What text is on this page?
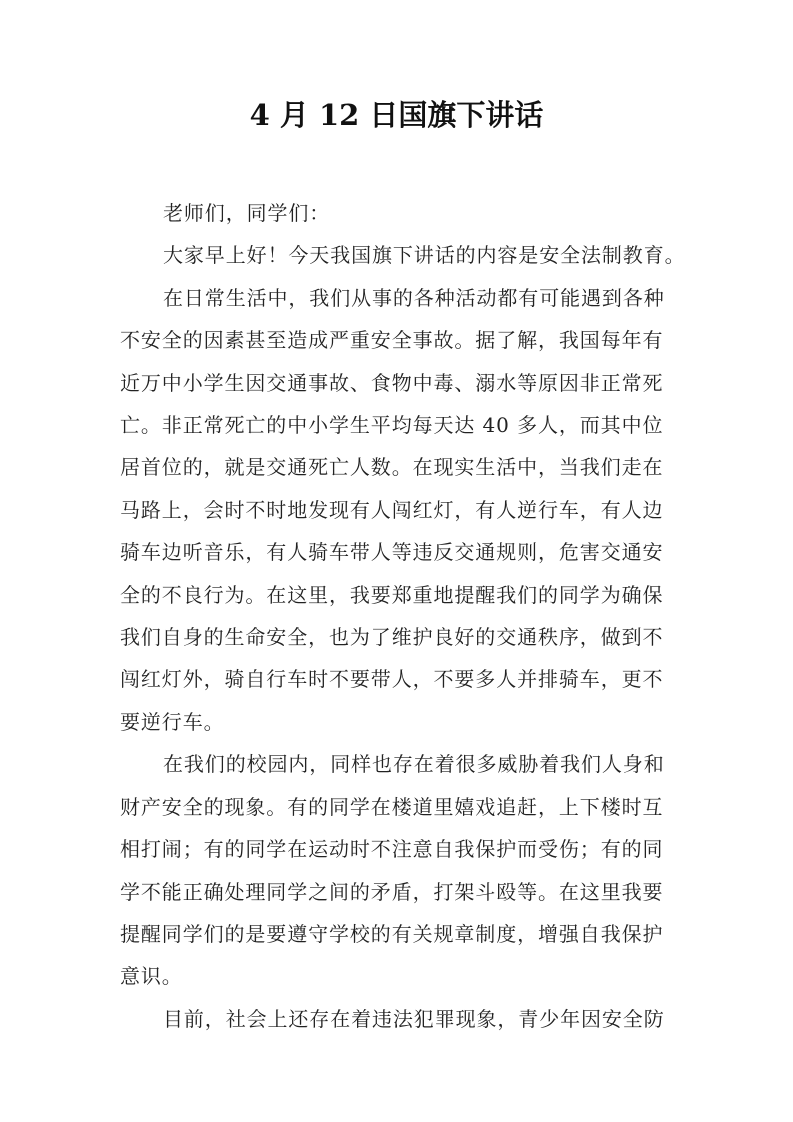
4 月 12 日国旗下讲话
老师们，同学们：
大家早上好！今天我国旗下讲话的内容是安全法制教育。
在日常生活中，我们从事的各种活动都有可能遇到各种
不安全的因素甚至造成严重安全事故。据了解，我国每年有
近万中小学生因交通事故、食物中毒、溺水等原因非正常死
亡。非正常死亡的中小学生平均每天达 40 多人，而其中位
居首位的，就是交通死亡人数。在现实生活中，当我们走在
马路上，会时不时地发现有人闯红灯，有人逆行车，有人边
骑车边听音乐，有人骑车带人等违反交通规则，危害交通安
全的不良行为。在这里，我要郑重地提醒我们的同学为确保
我们自身的生命安全，也为了维护良好的交通秩序，做到不
闯红灯外，骑自行车时不要带人，不要多人并排骑车，更不
要逆行车。
在我们的校园内，同样也存在着很多威胁着我们人身和
财产安全的现象。有的同学在楼道里嬉戏追赶，上下楼时互
相打闹；有的同学在运动时不注意自我保护而受伤；有的同
学不能正确处理同学之间的矛盾，打架斗殴等。在这里我要
提醒同学们的是要遵守学校的有关规章制度，增强自我保护
意识。
目前，社会上还存在着违法犯罪现象，青少年因安全防
